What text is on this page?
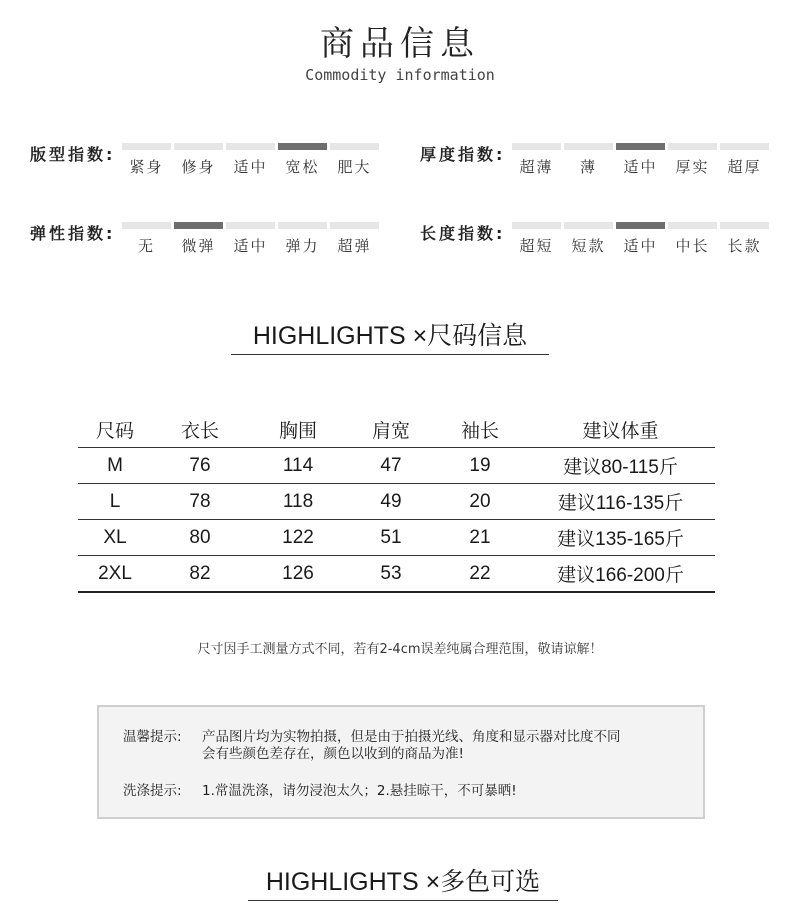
商品信息
Commodity information
版型指数:
紧身	修身	适中	宽松	肥大
厚度指数:
超薄	薄	适中	厚实	超厚
弹性指数:
无	微弹	适中	弹力	超弹
长度指数:
超短	短款	适中	中长	长款
HIGHLIGHTS ×尺码信息
尺码	衣长	胸围	肩宽	袖长	建议体重
M	76	114	47	19	建议80-115斤
L	78	118	49	20	建议116-135斤
XL	80	122	51	21	建议135-165斤
2XL	82	126	53	22	建议166-200斤
尺寸因手工测量方式不同，若有2-4cm误差纯属合理范围，敬请谅解！
温馨提示: 产品图片均为实物拍摄，但是由于拍摄光线、角度和显示器对比度不同
会有些颜色差存在，颜色以收到的商品为准!
洗涤提示: 1.常温洗涤，请勿浸泡太久；2.悬挂晾干，不可暴晒!
HIGHLIGHTS ×多色可选
